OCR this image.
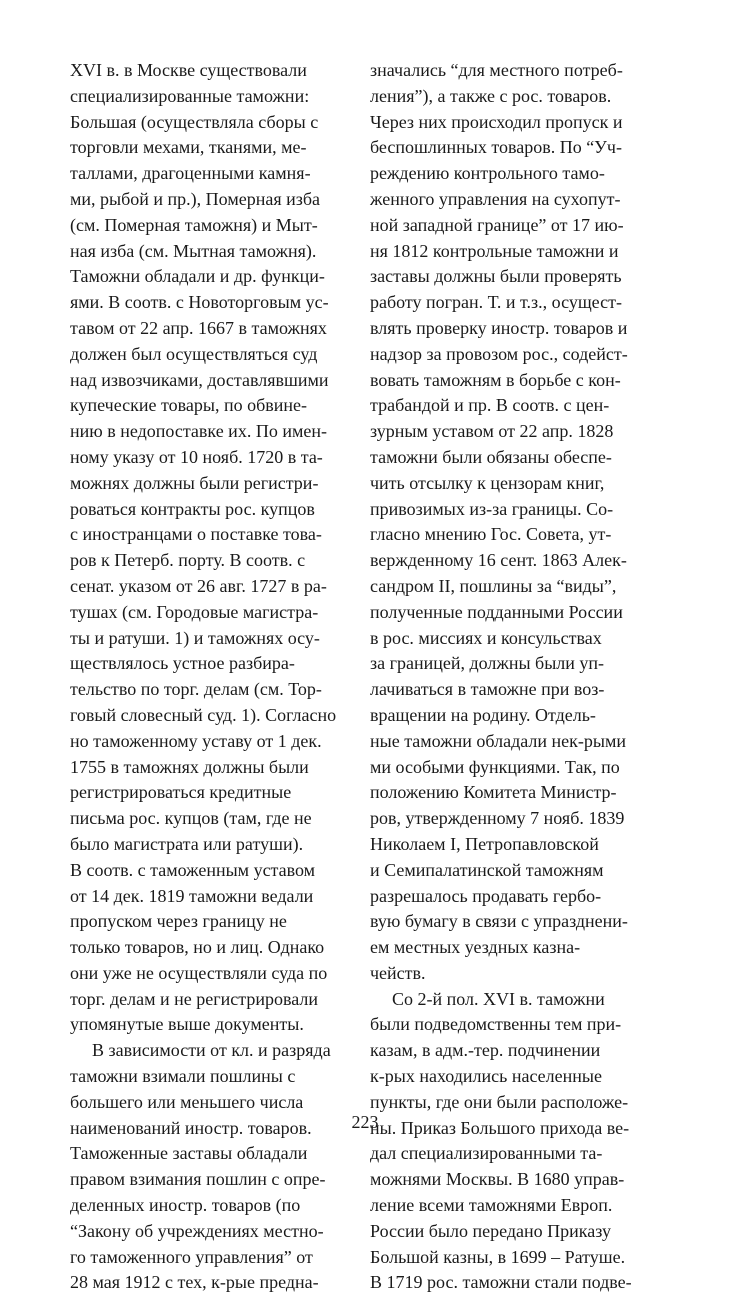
XVI в. в Москве существовали
специализированные таможни:
Большая (осуществляла сборы с
торговли мехами, тканями, ме-
таллами, драгоценными камня-
ми, рыбой и пр.), Померная изба
(см. Померная таможня) и Мыт-
ная изба (см. Мытная таможня).
Таможни обладали и др. функци-
ями. В соотв. с Новоторговым ус-
тавом от 22 апр. 1667 в таможнях
должен был осуществляться суд
над извозчиками, доставлявшими
купеческие товары, по обвине-
нию в недопоставке их. По имен-
ному указу от 10 нояб. 1720 в та-
можнях должны были регистри-
роваться контракты рос. купцов
с иностранцами о поставке това-
ров к Петерб. порту. В соотв. с
сенат. указом от 26 авг. 1727 в ра-
тушах (см. Городовые магистра-
ты и ратуши. 1) и таможнях осу-
ществлялось устное разбира-
тельство по торг. делам (см. Тор-
говый словесный суд. 1). Согласно
но таможенному уставу от 1 дек.
1755 в таможнях должны были
регистрироваться кредитные
письма рос. купцов (там, где не
было магистрата или ратуши).
В соотв. с таможенным уставом
от 14 дек. 1819 таможни ведали
пропуском через границу не
только товаров, но и лиц. Однако
они уже не осуществляли суда по
торг. делам и не регистрировали
упомянутые выше документы.
В зависимости от кл. и разряда
таможни взимали пошлины с
большего или меньшего числа
наименований иностр. товаров.
Таможенные заставы обладали
правом взимания пошлин с опре-
деленных иностр. товаров (по
“Закону об учреждениях местно-
го таможенного управления” от
28 мая 1912 с тех, к-рые предна-
значались “для местного потреб-
ления”), а также с рос. товаров.
Через них происходил пропуск и
беспошлинных товаров. По “Уч-
реждению контрольного тамо-
женного управления на сухопут-
ной западной границе” от 17 ию-
ня 1812 контрольные таможни и
заставы должны были проверять
работу погран. Т. и т.з., осущест-
влять проверку иностр. товаров и
надзор за провозом рос., содейст-
вовать таможням в борьбе с кон-
трабандой и пр. В соотв. с цен-
зурным уставом от 22 апр. 1828
таможни были обязаны обеспе-
чить отсылку к цензорам книг,
привозимых из-за границы. Со-
гласно мнению Гос. Совета, ут-
вержденному 16 сент. 1863 Алек-
сандром II, пошлины за “виды”,
полученные подданными России
в рос. миссиях и консульствах
за границей, должны были уп-
лачиваться в таможне при воз-
вращении на родину. Отдель-
ные таможни обладали нек-рыми
ми особыми функциями. Так, по
положению Комитета Министр-
ров, утвержденному 7 нояб. 1839
Николаем I, Петропавловской
и Семипалатинской таможням
разрешалось продавать гербо-
вую бумагу в связи с упразднени-
ем местных уездных казна-
чейств.
Со 2-й пол. XVI в. таможни
были подведомственны тем при-
казам, в адм.-тер. подчинении
к-рых находились населенные
пункты, где они были расположе-
ны. Приказ Большого прихода ве-
дал специализированными та-
можнями Москвы. В 1680 управ-
ление всеми таможнями Европ.
России было передано Приказу
Большой казны, в 1699 – Ратуше.
В 1719 рос. таможни стали подве-
223
